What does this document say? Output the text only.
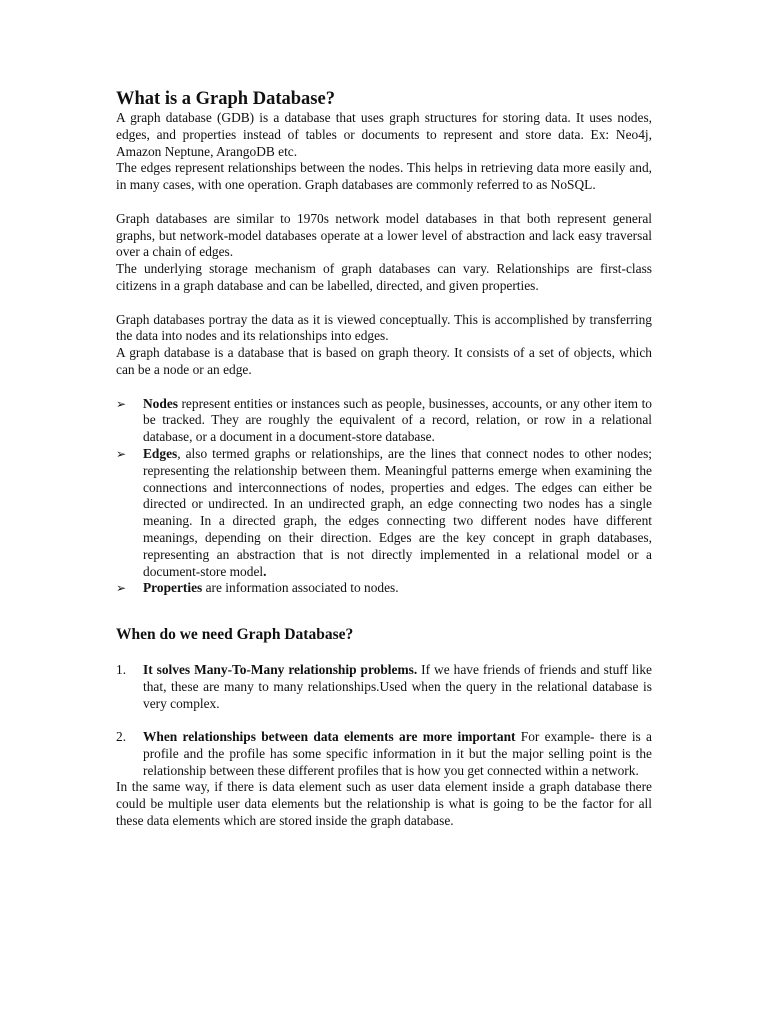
What is a Graph Database?

A graph database (GDB) is a database that uses graph structures for storing data. It uses nodes, edges, and properties instead of tables or documents to represent and store data. Ex: Neo4j, Amazon Neptune, ArangoDB etc.

The edges represent relationships between the nodes. This helps in retrieving data more easily and, in many cases, with one operation. Graph databases are commonly referred to as NoSQL.

Graph databases are similar to 1970s network model databases in that both represent general graphs, but network-model databases operate at a lower level of abstraction and lack easy traversal over a chain of edges.

The underlying storage mechanism of graph databases can vary. Relationships are first-class citizens in a graph database and can be labelled, directed, and given properties.

Graph databases portray the data as it is viewed conceptually. This is accomplished by transferring the data into nodes and its relationships into edges.

A graph database is a database that is based on graph theory. It consists of a set of objects, which can be a node or an edge.

➢	Nodes represent entities or instances such as people, businesses, accounts, or any other item to be tracked. They are roughly the equivalent of a record, relation, or row in a relational database, or a document in a document-store database.
➢	Edges, also termed graphs or relationships, are the lines that connect nodes to other nodes; representing the relationship between them. Meaningful patterns emerge when examining the connections and interconnections of nodes, properties and edges. The edges can either be directed or undirected. In an undirected graph, an edge connecting two nodes has a single meaning. In a directed graph, the edges connecting two different nodes have different meanings, depending on their direction. Edges are the key concept in graph databases, representing an abstraction that is not directly implemented in a relational model or a document-store model.
➢	Properties are information associated to nodes.
When do we need Graph Database?
1.	It solves Many-To-Many relationship problems. If we have friends of friends and stuff like that, these are many to many relationships.Used when the query in the relational database is very complex.
2.	When relationships between data elements are more important For example- there is a profile and the profile has some specific information in it but the major selling point is the relationship between these different profiles that is how you get connected within a network.

In the same way, if there is data element such as user data element inside a graph database there could be multiple user data elements but the relationship is what is going to be the factor for all these data elements which are stored inside the graph database.
